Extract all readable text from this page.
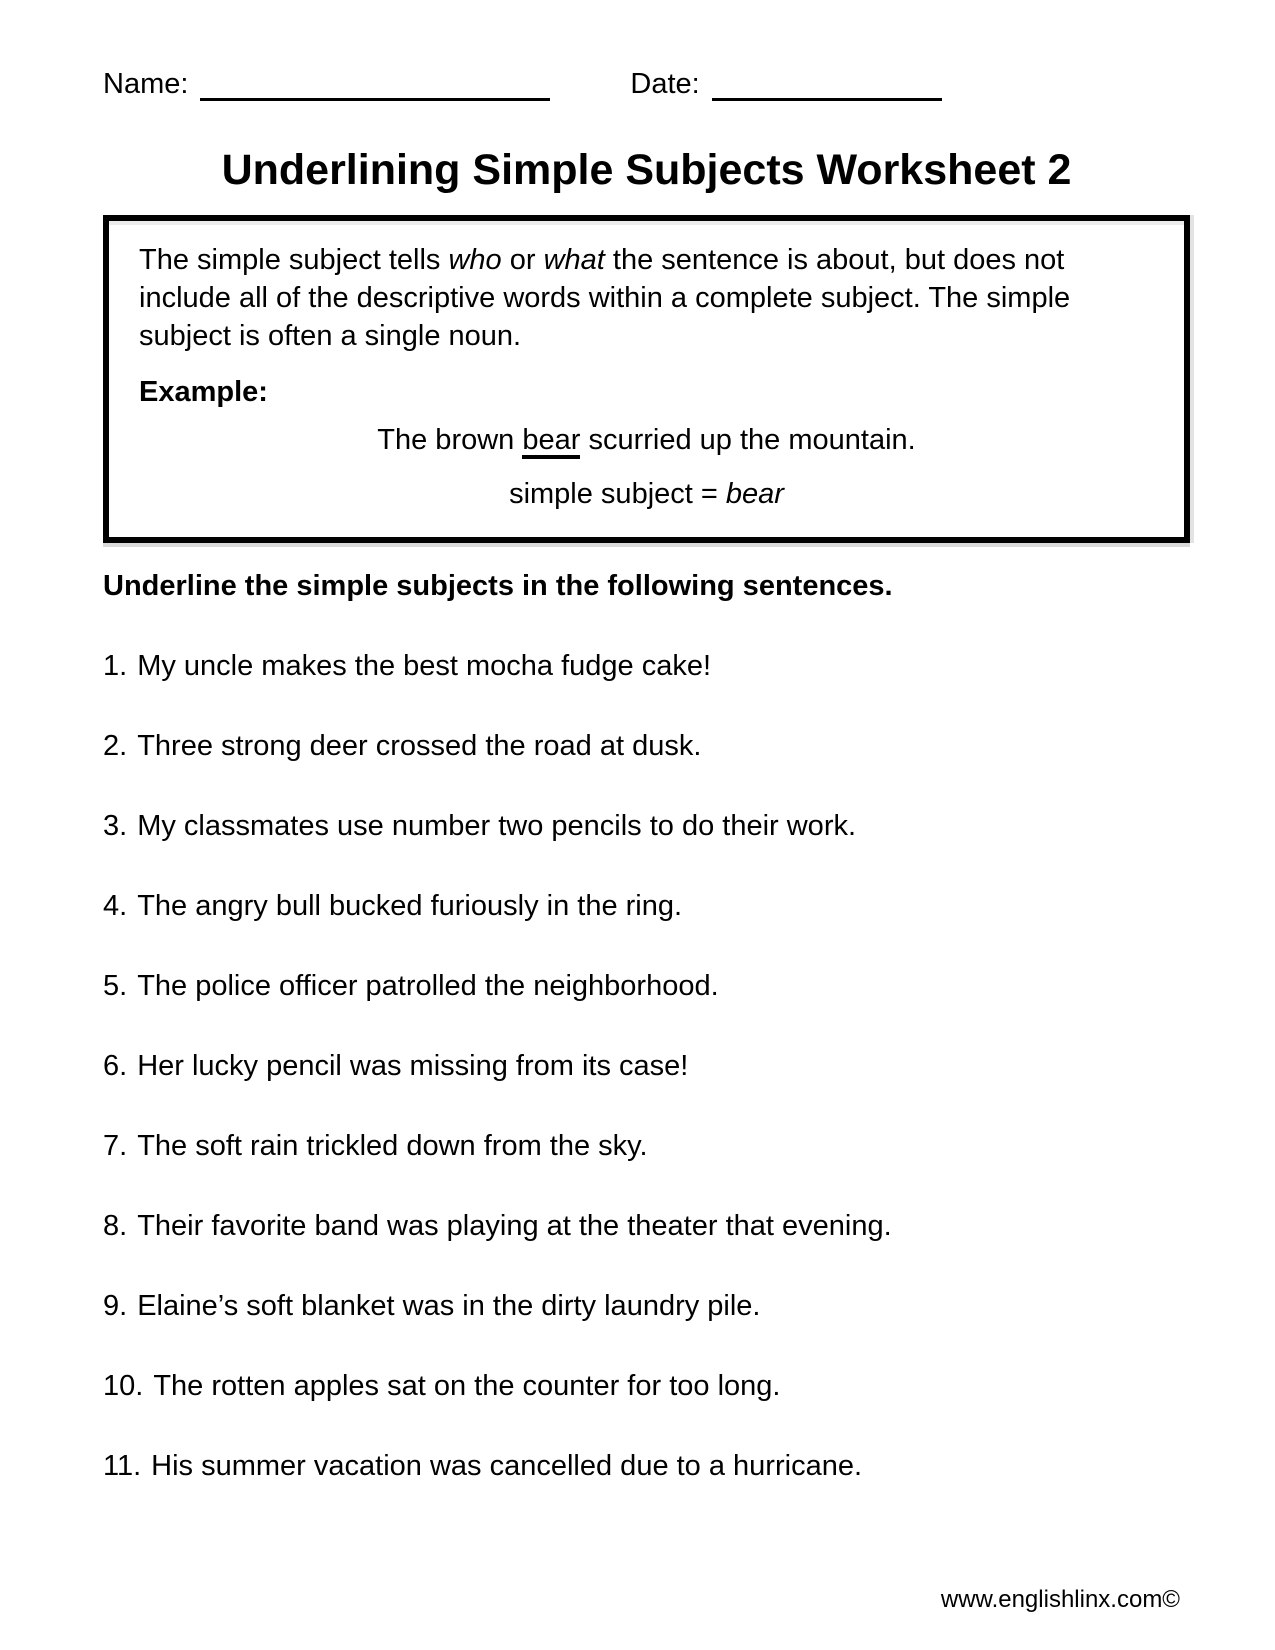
Name:	Date:
Underlining Simple Subjects Worksheet 2
The simple subject tells who or what the sentence is about, but does not include all of the descriptive words within a complete subject. The simple subject is often a single noun.
Example:
The brown bear scurried up the mountain.
simple subject = bear
Underline the simple subjects in the following sentences.
1. My uncle makes the best mocha fudge cake!
2. Three strong deer crossed the road at dusk.
3. My classmates use number two pencils to do their work.
4. The angry bull bucked furiously in the ring.
5. The police officer patrolled the neighborhood.
6. Her lucky pencil was missing from its case!
7. The soft rain trickled down from the sky.
8. Their favorite band was playing at the theater that evening.
9. Elaine’s soft blanket was in the dirty laundry pile.
10. The rotten apples sat on the counter for too long.
11. His summer vacation was cancelled due to a hurricane.
www.englishlinx.com©
